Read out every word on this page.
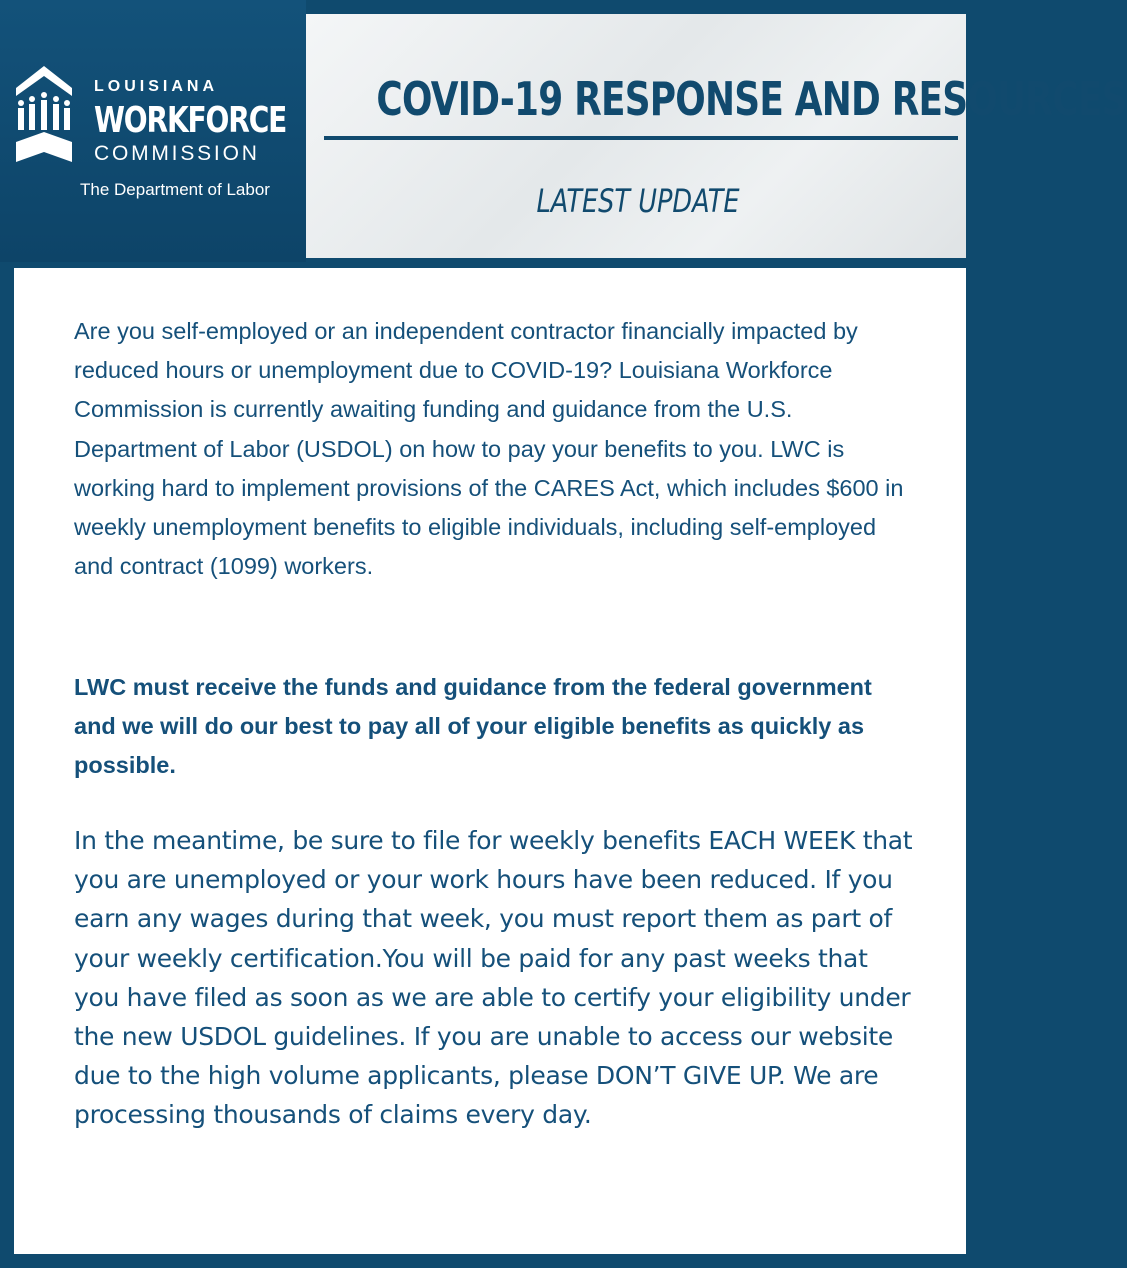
LOUISIANA
WORKFORCE
COMMISSION
The Department of Labor
COVID-19 RESPONSE AND RESOURCES
LATEST UPDATE

Are you self-employed or an independent contractor financially impacted by reduced hours or unemployment due to COVID-19? Louisiana Workforce Commission is currently awaiting funding and guidance from the U.S. Department of Labor (USDOL) on how to pay your benefits to you. LWC is working hard to implement provisions of the CARES Act, which includes $600 in weekly unemployment benefits to eligible individuals, including self-employed and contract (1099) workers.

LWC must receive the funds and guidance from the federal government and we will do our best to pay all of your eligible benefits as quickly as possible.

In the meantime, be sure to file for weekly benefits EACH WEEK that you are unemployed or your work hours have been reduced. If you earn any wages during that week, you must report them as part of your weekly certification.You will be paid for any past weeks that you have filed as soon as we are able to certify your eligibility under the new USDOL guidelines. If you are unable to access our website due to the high volume applicants, please DON’T GIVE UP. We are processing thousands of claims every day.
